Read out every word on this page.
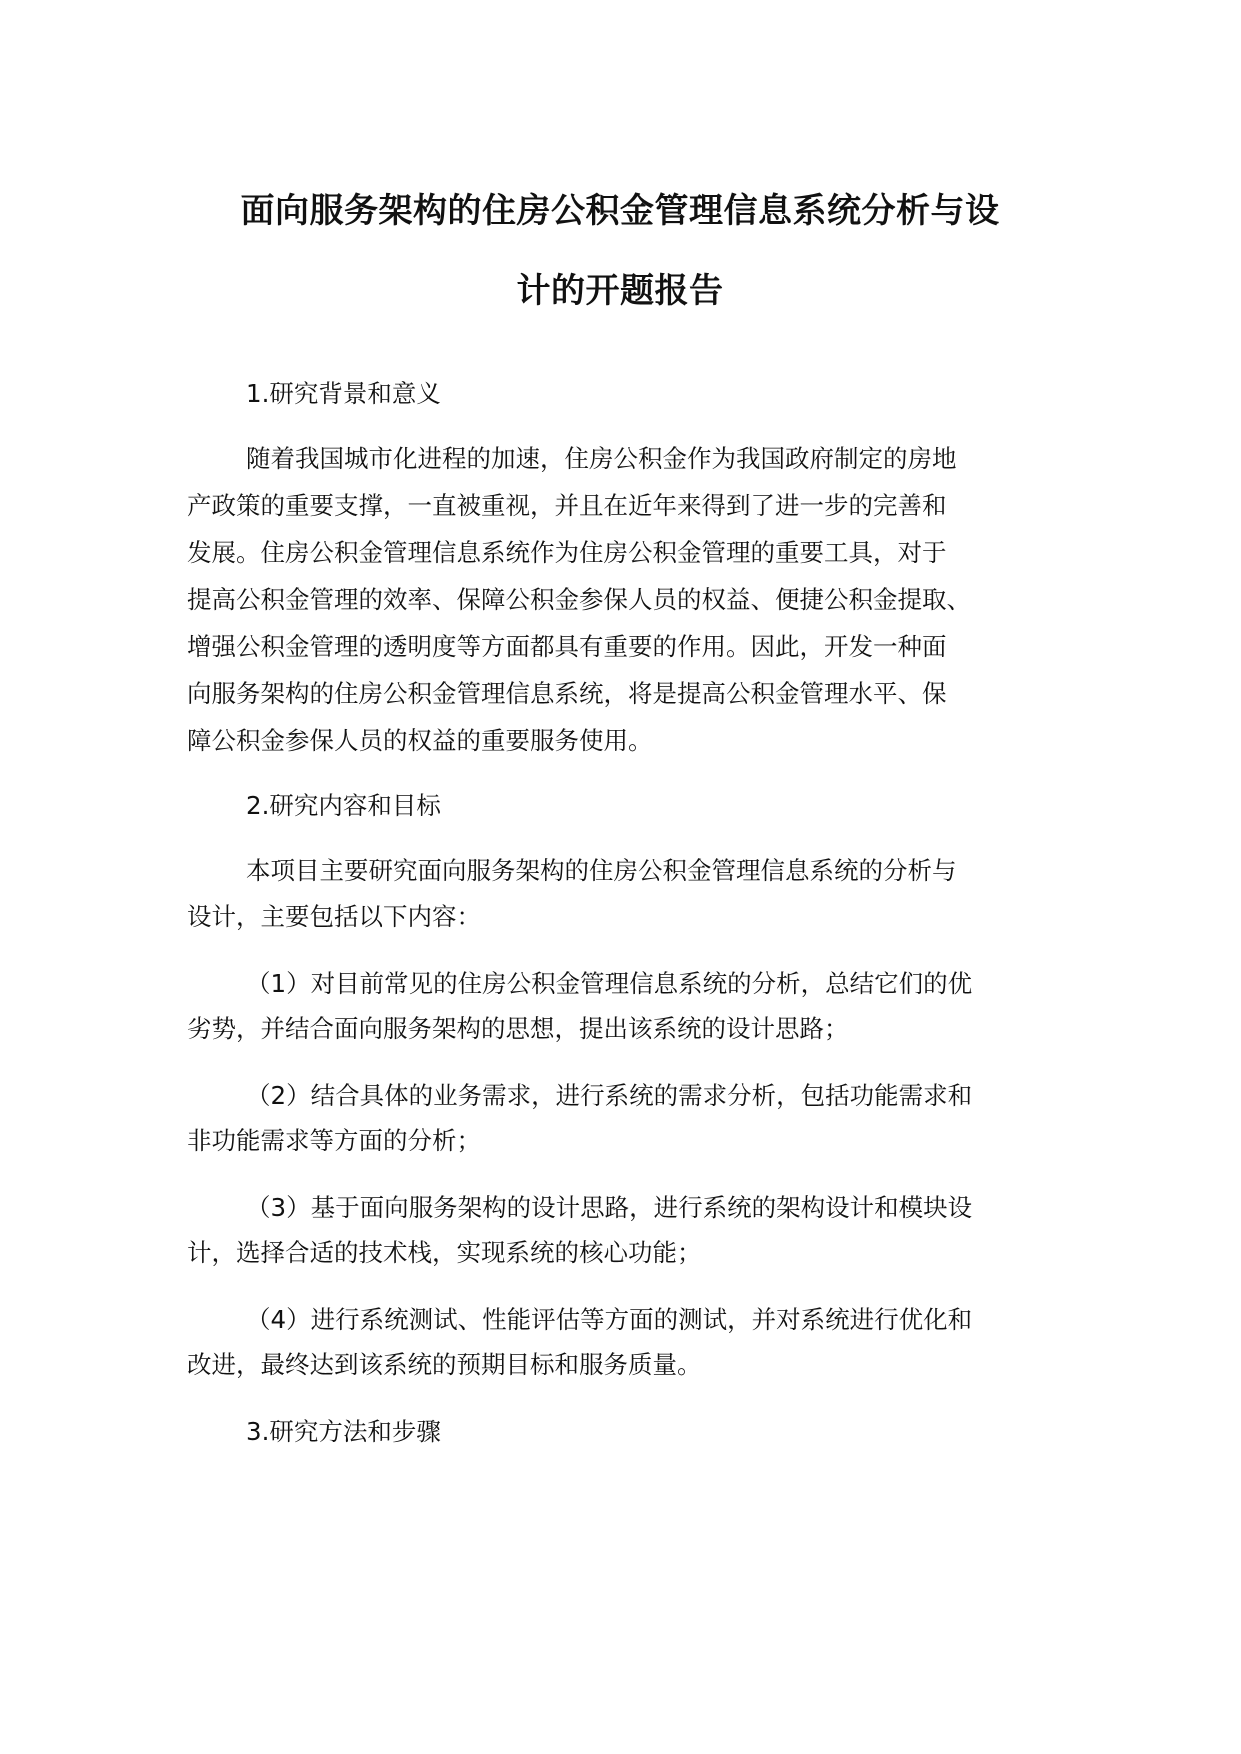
面向服务架构的住房公积金管理信息系统分析与设
计的开题报告
1.研究背景和意义
随着我国城市化进程的加速，住房公积金作为我国政府制定的房地
产政策的重要支撑，一直被重视，并且在近年来得到了进一步的完善和
发展。住房公积金管理信息系统作为住房公积金管理的重要工具，对于
提高公积金管理的效率、保障公积金参保人员的权益、便捷公积金提取、
增强公积金管理的透明度等方面都具有重要的作用。因此，开发一种面
向服务架构的住房公积金管理信息系统，将是提高公积金管理水平、保
障公积金参保人员的权益的重要服务使用。
2.研究内容和目标
本项目主要研究面向服务架构的住房公积金管理信息系统的分析与
设计，主要包括以下内容：
（1）对目前常见的住房公积金管理信息系统的分析，总结它们的优
劣势，并结合面向服务架构的思想，提出该系统的设计思路；
（2）结合具体的业务需求，进行系统的需求分析，包括功能需求和
非功能需求等方面的分析；
（3）基于面向服务架构的设计思路，进行系统的架构设计和模块设
计，选择合适的技术栈，实现系统的核心功能；
（4）进行系统测试、性能评估等方面的测试，并对系统进行优化和
改进，最终达到该系统的预期目标和服务质量。
3.研究方法和步骤
